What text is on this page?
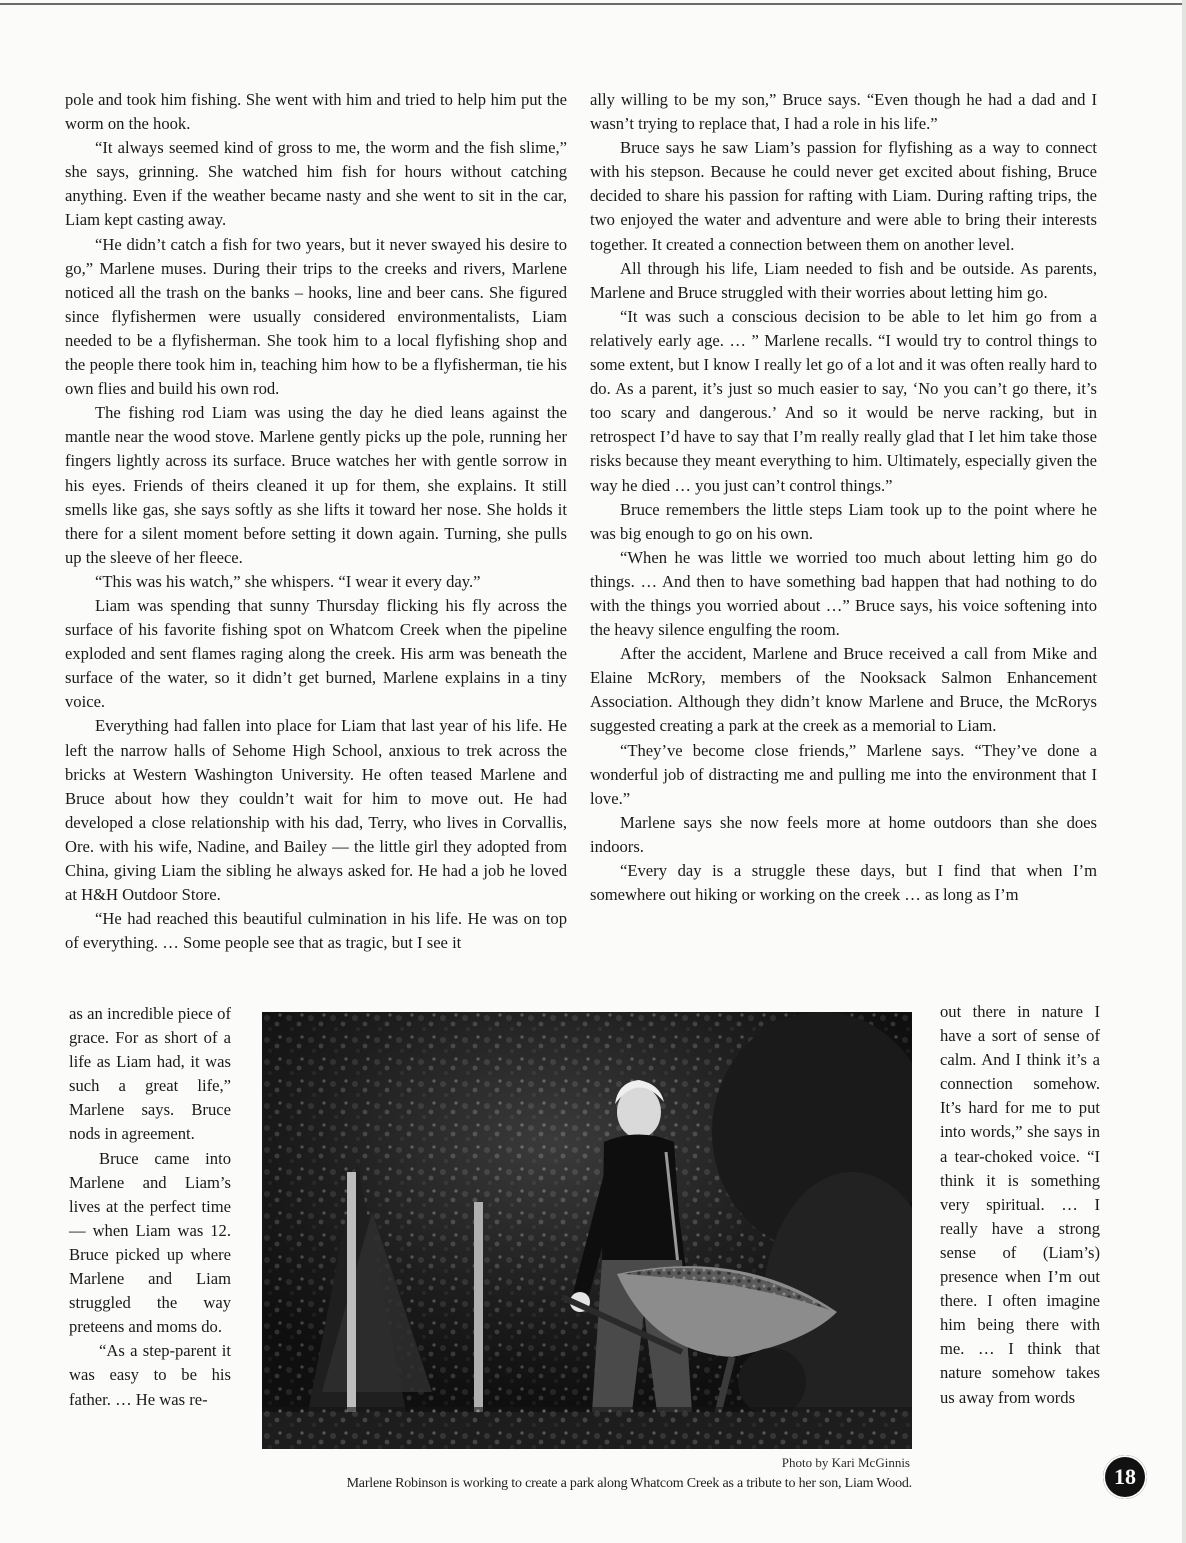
pole and took him fishing. She went with him and tried to help him put the worm on the hook.

“It always seemed kind of gross to me, the worm and the fish slime,” she says, grinning. She watched him fish for hours without catching anything. Even if the weather became nasty and she went to sit in the car, Liam kept casting away.

“He didn’t catch a fish for two years, but it never swayed his desire to go,” Marlene muses. During their trips to the creeks and rivers, Marlene noticed all the trash on the banks – hooks, line and beer cans. She figured since flyfishermen were usually considered environmentalists, Liam needed to be a flyfisherman. She took him to a local flyfishing shop and the people there took him in, teaching him how to be a flyfisherman, tie his own flies and build his own rod.

The fishing rod Liam was using the day he died leans against the mantle near the wood stove. Marlene gently picks up the pole, running her fingers lightly across its surface. Bruce watches her with gentle sorrow in his eyes. Friends of theirs cleaned it up for them, she explains. It still smells like gas, she says softly as she lifts it toward her nose. She holds it there for a silent moment before setting it down again. Turning, she pulls up the sleeve of her fleece.

“This was his watch,” she whispers. “I wear it every day.”

Liam was spending that sunny Thursday flicking his fly across the surface of his favorite fishing spot on Whatcom Creek when the pipeline exploded and sent flames raging along the creek. His arm was beneath the surface of the water, so it didn’t get burned, Marlene explains in a tiny voice.

Everything had fallen into place for Liam that last year of his life. He left the narrow halls of Sehome High School, anxious to trek across the bricks at Western Washington University. He often teased Marlene and Bruce about how they couldn’t wait for him to move out. He had developed a close relationship with his dad, Terry, who lives in Corvallis, Ore. with his wife, Nadine, and Bailey — the little girl they adopted from China, giving Liam the sibling he always asked for. He had a job he loved at H&H Outdoor Store.

“He had reached this beautiful culmination in his life. He was on top of everything. … Some people see that as tragic, but I see it

ally willing to be my son,” Bruce says. “Even though he had a dad and I wasn’t trying to replace that, I had a role in his life.”

Bruce says he saw Liam’s passion for flyfishing as a way to connect with his stepson. Because he could never get excited about fishing, Bruce decided to share his passion for rafting with Liam. During rafting trips, the two enjoyed the water and adventure and were able to bring their interests together. It created a connection between them on another level.

All through his life, Liam needed to fish and be outside. As parents, Marlene and Bruce struggled with their worries about letting him go.

“It was such a conscious decision to be able to let him go from a relatively early age. … ” Marlene recalls. “I would try to control things to some extent, but I know I really let go of a lot and it was often really hard to do. As a parent, it’s just so much easier to say, ‘No you can’t go there, it’s too scary and dangerous.’ And so it would be nerve racking, but in retrospect I’d have to say that I’m really really glad that I let him take those risks because they meant everything to him. Ultimately, especially given the way he died … you just can’t control things.”

Bruce remembers the little steps Liam took up to the point where he was big enough to go on his own.

“When he was little we worried too much about letting him go do things. … And then to have something bad happen that had nothing to do with the things you worried about …” Bruce says, his voice softening into the heavy silence engulfing the room.

After the accident, Marlene and Bruce received a call from Mike and Elaine McRory, members of the Nooksack Salmon Enhancement Association. Although they didn’t know Marlene and Bruce, the McRorys suggested creating a park at the creek as a memorial to Liam.

“They’ve become close friends,” Marlene says. “They’ve done a wonderful job of distracting me and pulling me into the environment that I love.”

Marlene says she now feels more at home outdoors than she does indoors.

“Every day is a struggle these days, but I find that when I’m somewhere out hiking or working on the creek … as long as I’m

as an incredible piece of grace. For as short of a life as Liam had, it was such a great life,” Marlene says. Bruce nods in agreement.

Bruce came into Marlene and Liam’s lives at the perfect time — when Liam was 12. Bruce picked up where Marlene and Liam struggled the way preteens and moms do.

“As a step-parent it was easy to be his father. … He was re-

out there in nature I have a sort of sense of calm. And I think it’s a connection somehow. It’s hard for me to put into words,” she says in a tear-choked voice. “I think it is something very spiritual. … I really have a strong sense of (Liam’s) presence when I’m out there. I often imagine him being there with me. … I think that nature somehow takes us away from words

Photo by Kari McGinnis
Marlene Robinson is working to create a park along Whatcom Creek as a tribute to her son, Liam Wood.	18
